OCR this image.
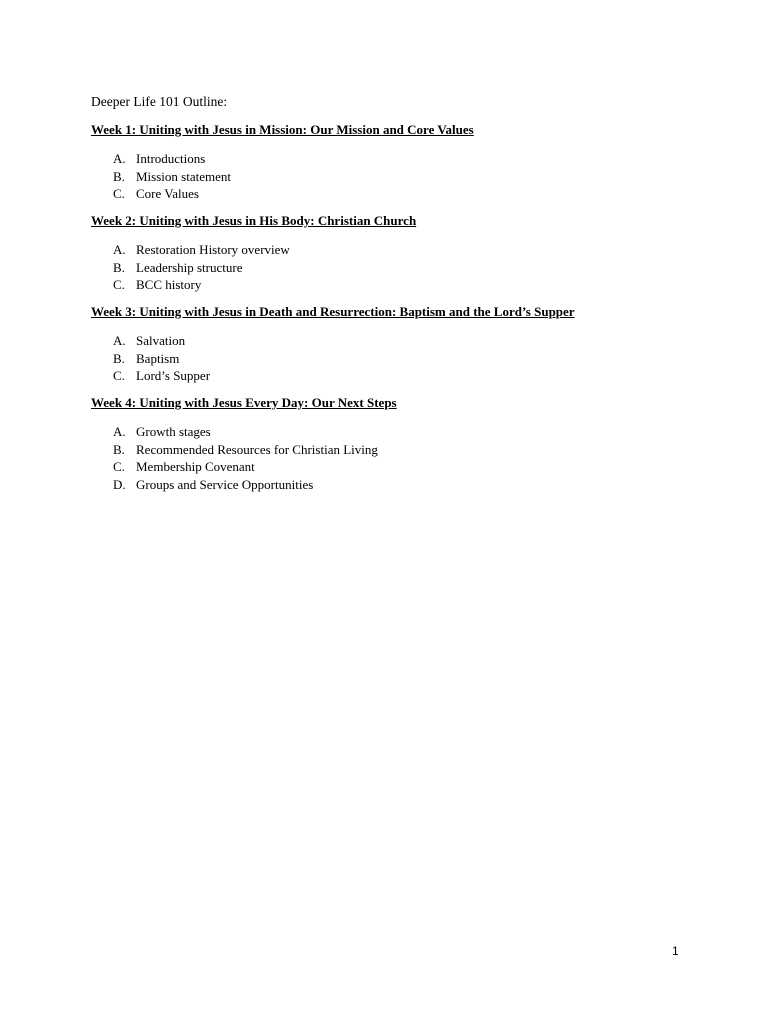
Deeper Life 101 Outline:
Week 1: Uniting with Jesus in Mission: Our Mission and Core Values
A. Introductions
B. Mission statement
C. Core Values
Week 2: Uniting with Jesus in His Body: Christian Church
A. Restoration History overview
B. Leadership structure
C. BCC history
Week 3: Uniting with Jesus in Death and Resurrection: Baptism and the Lord’s Supper
A. Salvation
B. Baptism
C. Lord’s Supper
Week 4: Uniting with Jesus Every Day: Our Next Steps
A. Growth stages
B. Recommended Resources for Christian Living
C. Membership Covenant
D. Groups and Service Opportunities
1
